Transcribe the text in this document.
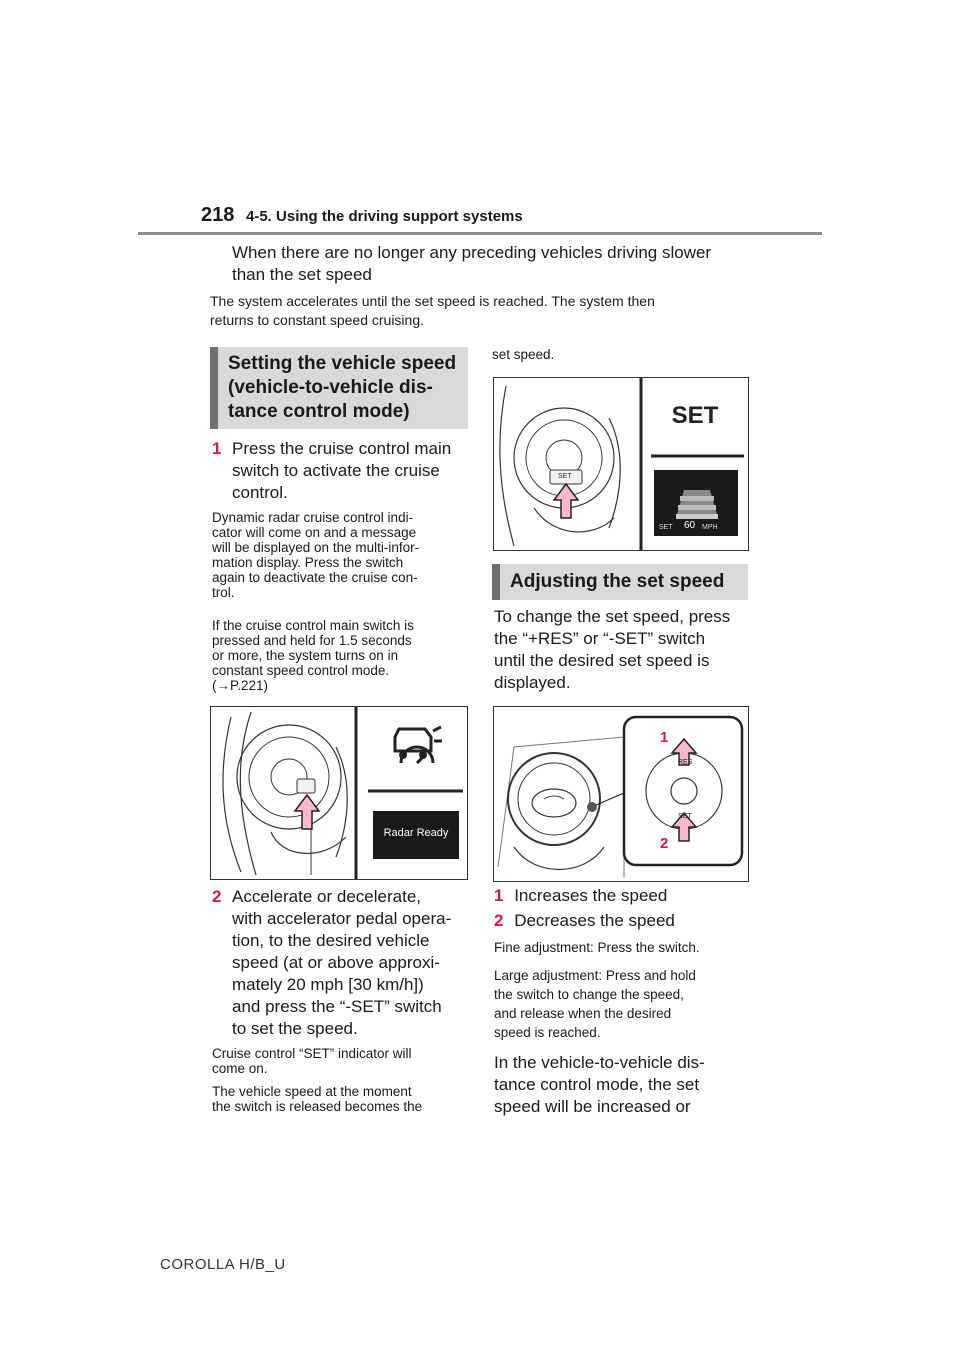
218 4-5. Using the driving support systems
When there are no longer any preceding vehicles driving slower
than the set speed
The system accelerates until the set speed is reached. The system then
returns to constant speed cruising.
Setting the vehicle speed
(vehicle-to-vehicle dis-
tance control mode)
1 Press the cruise control main
switch to activate the cruise
control.
Dynamic radar cruise control indi-
cator will come on and a message
will be displayed on the multi-infor-
mation display. Press the switch
again to deactivate the cruise con-
trol.
If the cruise control main switch is
pressed and held for 1.5 seconds
or more, the system turns on in
constant speed control mode.
(→P.221)
Radar Ready
2 Accelerate or decelerate,
with accelerator pedal opera-
tion, to the desired vehicle
speed (at or above approxi-
mately 20 mph [30 km/h])
and press the “-SET” switch
to set the speed.
Cruise control “SET” indicator will
come on.
The vehicle speed at the moment
the switch is released becomes the
set speed.
SET
SET
SET 60 MPH
Adjusting the set speed
To change the set speed, press
the “+RES” or “-SET” switch
until the desired set speed is
displayed.
1
2
RES
SET
1 Increases the speed
2 Decreases the speed
Fine adjustment: Press the switch.
Large adjustment: Press and hold
the switch to change the speed,
and release when the desired
speed is reached.
In the vehicle-to-vehicle dis-
tance control mode, the set
speed will be increased or
COROLLA H/B_U
